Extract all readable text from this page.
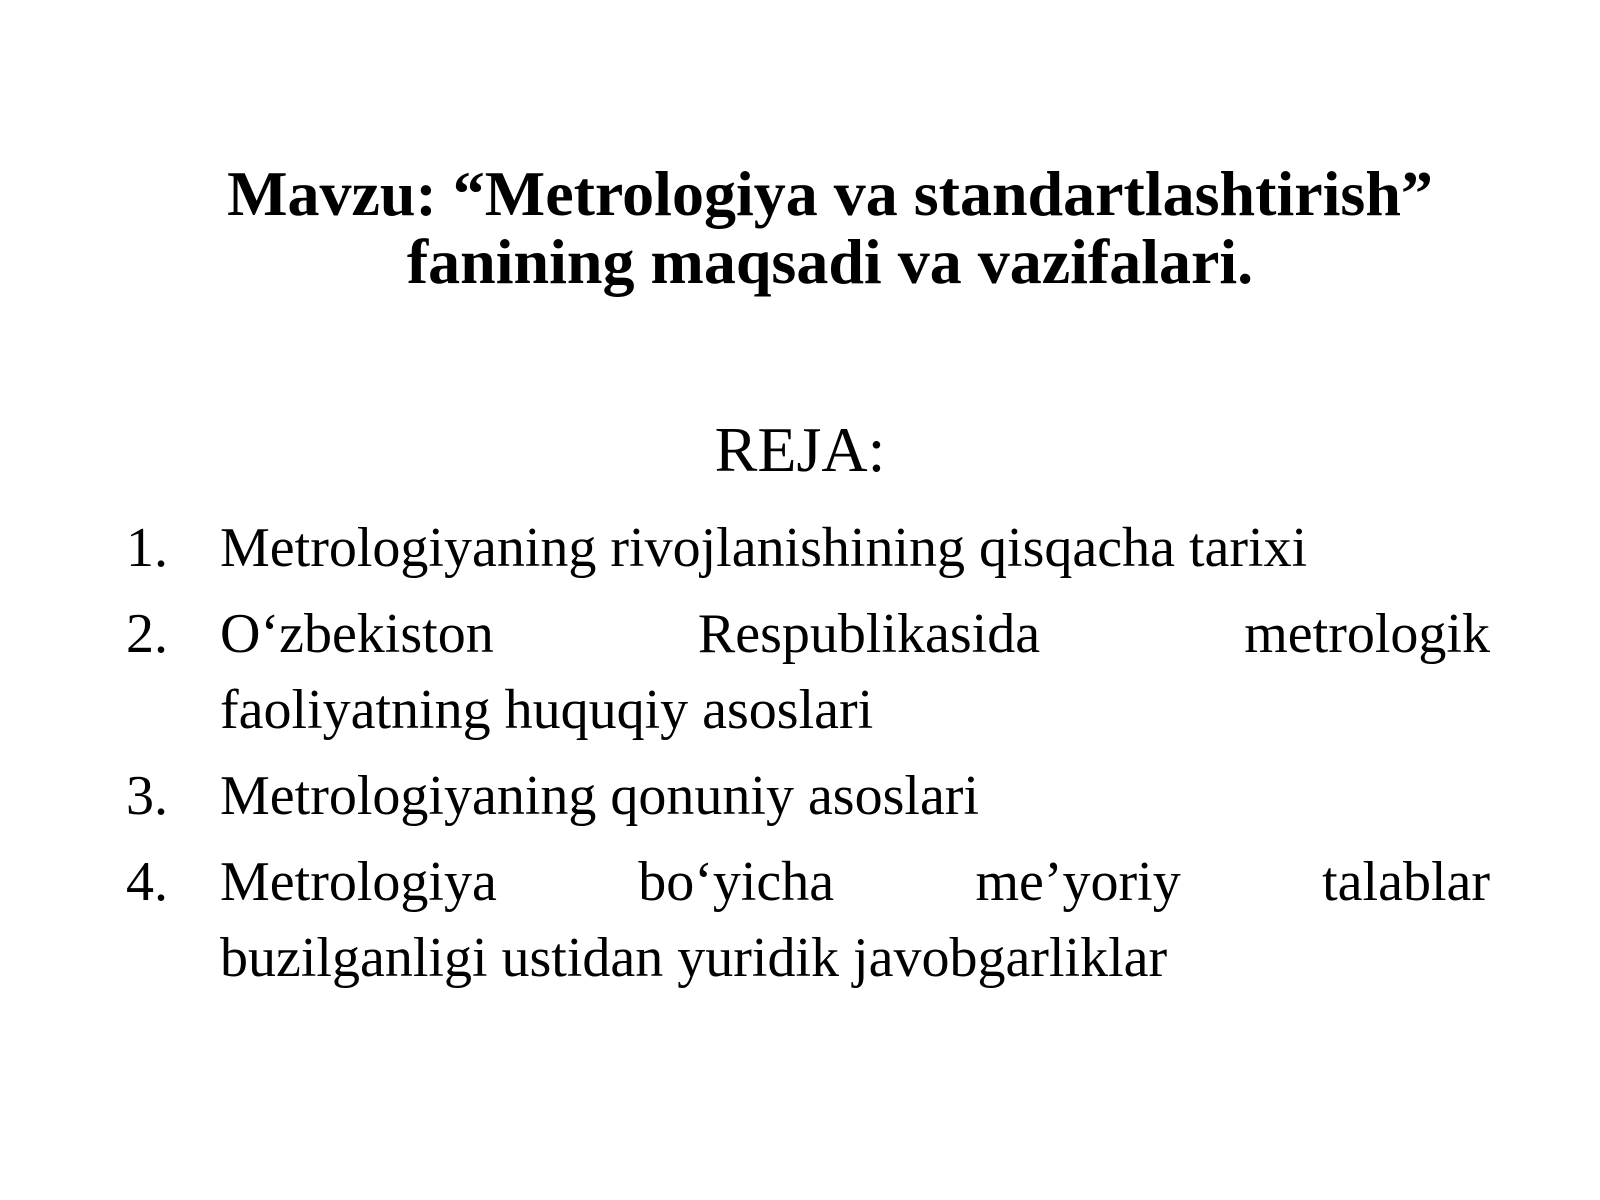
Mavzu: “Metrologiya va standartlashtirish”
fanining maqsadi va vazifalari.
REJA:
1. Metrologiyaning rivojlanishining qisqacha tarixi
2. O‘zbekiston Respublikasida metrologik
faoliyatning huquqiy asoslari
3. Metrologiyaning qonuniy asoslari
4. Metrologiya bo‘yicha me’yoriy talablar
buzilganligi ustidan yuridik javobgarliklar
